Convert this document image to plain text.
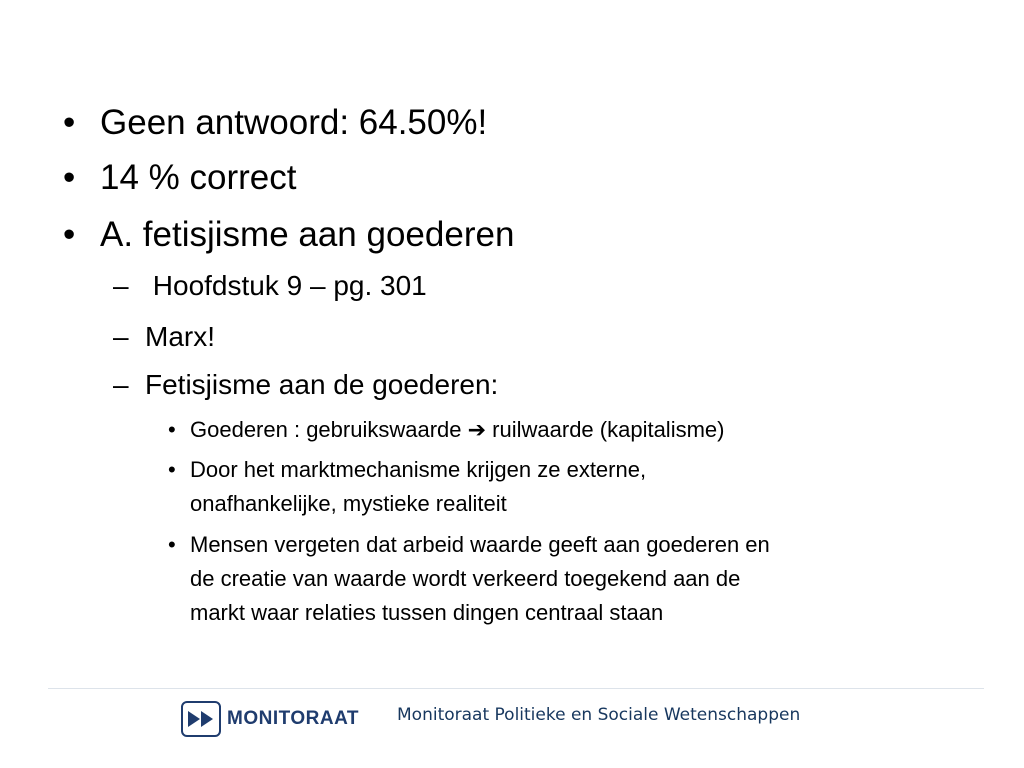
• Geen antwoord: 64.50%!
• 14 % correct
• A. fetisjisme aan goederen
– Hoofdstuk 9 – pg. 301
– Marx!
– Fetisjisme aan de goederen:
• Goederen : gebruikswaarde ➔ ruilwaarde (kapitalisme)
• Door het marktmechanisme krijgen ze externe,
onafhankelijke, mystieke realiteit
• Mensen vergeten dat arbeid waarde geeft aan goederen en
de creatie van waarde wordt verkeerd toegekend aan de
markt waar relaties tussen dingen centraal staan
MONITORAAT Monitoraat Politieke en Sociale Wetenschappen
